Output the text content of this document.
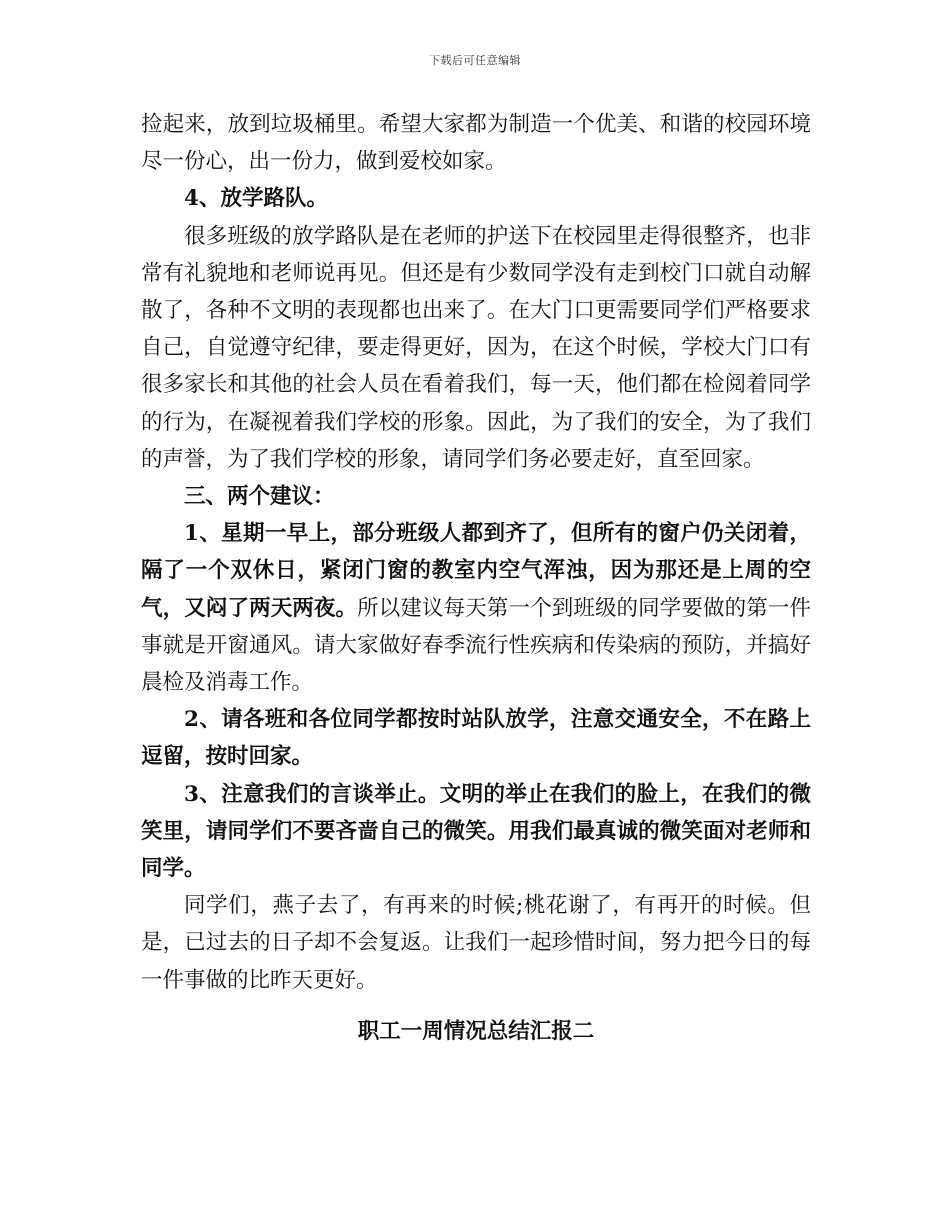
下载后可任意编辑

捡起来，放到垃圾桶里。希望大家都为制造一个优美、和谐的校园环境尽一份心，出一份力，做到爱校如家。

4、放学路队。

很多班级的放学路队是在老师的护送下在校园里走得很整齐，也非常有礼貌地和老师说再见。但还是有少数同学没有走到校门口就自动解散了，各种不文明的表现都也出来了。在大门口更需要同学们严格要求自己，自觉遵守纪律，要走得更好，因为，在这个时候，学校大门口有很多家长和其他的社会人员在看着我们，每一天，他们都在检阅着同学的行为，在凝视着我们学校的形象。因此，为了我们的安全，为了我们的声誉，为了我们学校的形象，请同学们务必要走好，直至回家。

三、两个建议：

1、星期一早上，部分班级人都到齐了，但所有的窗户仍关闭着，隔了一个双休日，紧闭门窗的教室内空气浑浊，因为那还是上周的空气，又闷了两天两夜。所以建议每天第一个到班级的同学要做的第一件事就是开窗通风。请大家做好春季流行性疾病和传染病的预防，并搞好晨检及消毒工作。

2、请各班和各位同学都按时站队放学，注意交通安全，不在路上逗留，按时回家。

3、注意我们的言谈举止。文明的举止在我们的脸上，在我们的微笑里，请同学们不要吝啬自己的微笑。用我们最真诚的微笑面对老师和同学。

同学们，燕子去了，有再来的时候;桃花谢了，有再开的时候。但是，已过去的日子却不会复返。让我们一起珍惜时间，努力把今日的每一件事做的比昨天更好。

职工一周情况总结汇报二
